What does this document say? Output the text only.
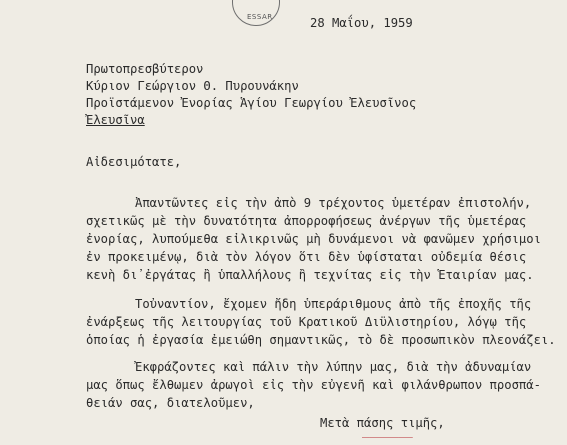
ESSAR	28 Μαΐου, 1959
Πρωτοπρεσβύτερον
Κύριον Γεώργιον Θ. Πυρουνάκην
Προϊστάμενον Ἐνορίας Ἁγίου Γεωργίου Ἐλευσῖνος
Ἐλευσῖνα
Αἰδεσιμότατε,
Ἀπαντῶντες εἰς τὴν ἀπὸ 9 τρέχοντος ὑμετέραν ἐπιστολήν,
σχετικῶς μὲ τὴν δυνατότητα ἀπορροφήσεως ἀνέργων τῆς ὑμετέρας
ἐνορίας, λυπούμεθα εἰλικρινῶς μὴ δυνάμενοι νὰ φανῶμεν χρήσιμοι
ἐν προκειμένῳ, διὰ τὸν λόγον ὅτι δὲν ὑφίσταται οὐδεμία θέσις
κενὴ δι᾽ἐργάτας ἢ ὑπαλλήλους ἢ τεχνίτας εἰς τὴν Ἑταιρίαν μας.
Τοὐναντίον, ἔχομεν ἤδη ὑπεράριθμους ἀπὸ τῆς ἐποχῆς τῆς
ἐνάρξεως τῆς λειτουργίας τοῦ Κρατικοῦ Διϋλιστηρίου, λόγῳ τῆς
ὁποίας ἡ ἐργασία ἐμειώθη σημαντικῶς, τὸ δὲ προσωπικὸν πλεονάζει.
Ἐκφράζοντες καὶ πάλιν τὴν λύπην μας, διὰ τὴν ἀδυναμίαν
μας ὅπως ἔλθωμεν ἀρωγοὶ εἰς τὴν εὐγενῆ καὶ φιλάνθρωπον προσπά-
θειάν σας, διατελοῦμεν,
Μετὰ πάσης τιμῆς,
▔▔▔▔▔▔▔
